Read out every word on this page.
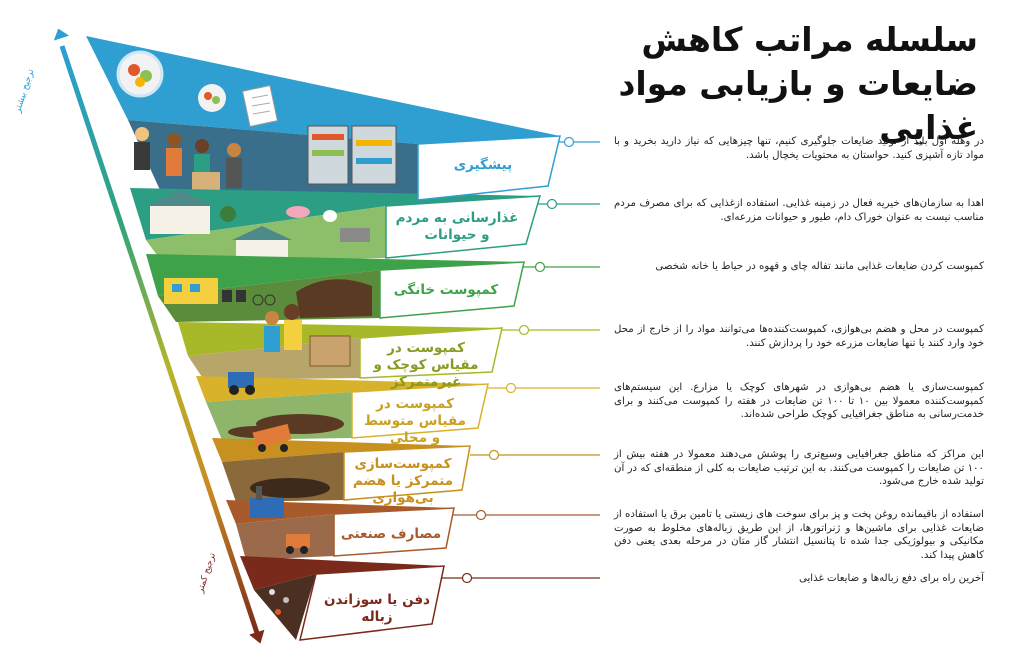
سلسله مراتب کاهش
ضایعات و بازیابی مواد غذایی
ترجیح بیشتر
ترجیح کمتر
پیشگیری
غذارسانی به مردم و حیوانات
کمپوست خانگی
کمپوست در مقیاس کوچک و غیرمتمرکز
کمپوست در مقیاس متوسط و محلی
کمپوست‌سازی متمرکز یا هضم بی‌هوازی
مصارف صنعتی
دفن یا سوزاندن زباله
در وهله اول باید از تولید ضایعات جلوگیری کنیم، تنها چیزهایی که نیاز دارید بخرید و با مواد تازه آشپزی کنید. حواستان به محتویات یخچال باشد.
اهدا به سازمان‌های خیریه فعال در زمینه غذایی. استفاده ازغذایی که برای مصرف مردم مناسب نیست به عنوان خوراک دام، طیور و حیوانات مزرعه‌ای.
کمپوست کردن ضایعات غذایی مانند تفاله چای و قهوه در حیاط یا خانه شخصی
کمپوست در محل و هضم بی‌هوازی، کمپوست‌کننده‌ها می‌توانند مواد را از خارج از محل خود وارد کنند یا تنها ضایعات مزرعه خود را پردازش کنند.
کمپوست‌سازی یا هضم بی‌هوازی در شهرهای کوچک یا مزارع. این سیستم‌های کمپوست‌کننده معمولا بین ۱۰ تا ۱۰۰ تن ضایعات در هفته را کمپوست می‌کنند و برای خدمت‌رسانی به مناطق جغرافیایی کوچک طراحی شده‌اند.
این مراکز که مناطق جغرافیایی وسیع‌تری را پوشش می‌دهند معمولا در هفته بیش از ۱۰۰ تن ضایعات را کمپوست می‌کنند. به این ترتیب ضایعات به کلی از منطقه‌ای که در آن تولید شده خارج می‌شود.
استفاده از باقیمانده روغن پخت و پز برای سوخت های زیستی یا تامین برق یا استفاده از ضایعات غذایی برای ماشین‌ها و ژنراتورها، از این طریق زباله‌های مخلوط به صورت مکانیکی و بیولوژیکی جدا شده تا پتانسیل انتشار گاز متان در مرحله بعدی یعنی دفن کاهش پیدا کند.
آخرین راه برای دفع زباله‌ها و ضایعات غذایی
